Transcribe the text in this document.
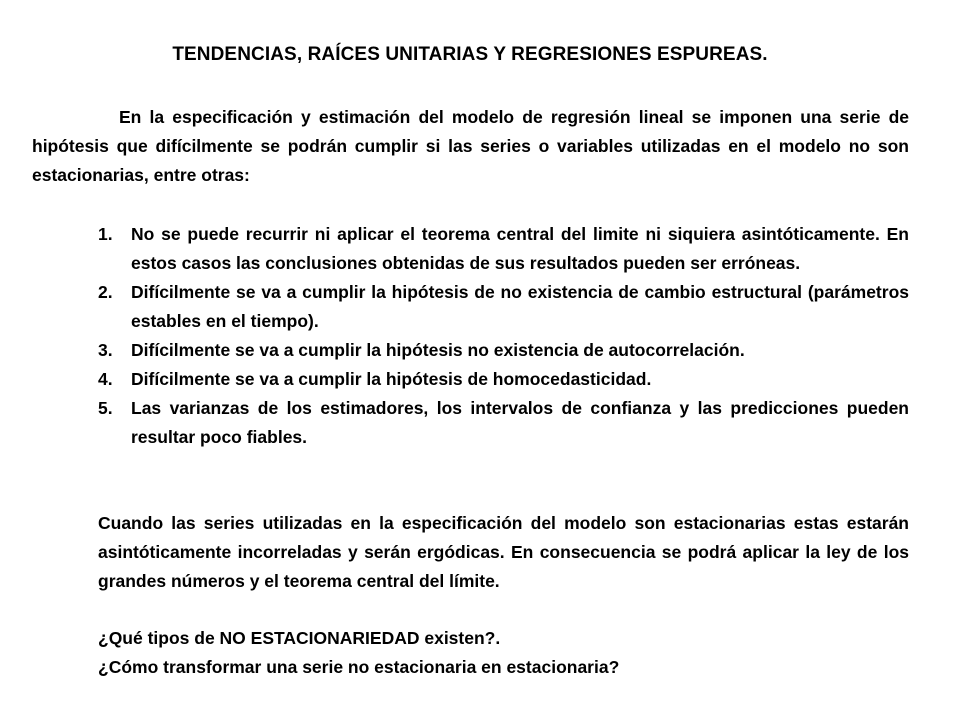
TENDENCIAS, RAÍCES UNITARIAS Y REGRESIONES ESPUREAS.

En la especificación y estimación del modelo de regresión lineal se imponen una serie de hipótesis que difícilmente se podrán cumplir si las series o variables utilizadas en el modelo no son estacionarias, entre otras:

1.	No se puede recurrir ni aplicar el teorema central del limite ni siquiera asintóticamente. En estos casos las conclusiones obtenidas de sus resultados pueden ser erróneas.
2.	Difícilmente se va a cumplir la hipótesis de no existencia de cambio estructural (parámetros estables en el tiempo).
3.	Difícilmente se va a cumplir la hipótesis no existencia de autocorrelación.
4.	Difícilmente se va a cumplir la hipótesis de homocedasticidad.
5.	Las varianzas de los estimadores, los intervalos de confianza y las predicciones pueden resultar poco fiables.

Cuando las series utilizadas en la especificación del modelo son estacionarias estas estarán asintóticamente incorreladas y serán ergódicas. En consecuencia se podrá aplicar la ley de los grandes números y el teorema central del límite.

¿Qué tipos de NO ESTACIONARIEDAD existen?.

¿Cómo transformar una serie no estacionaria en estacionaria?
